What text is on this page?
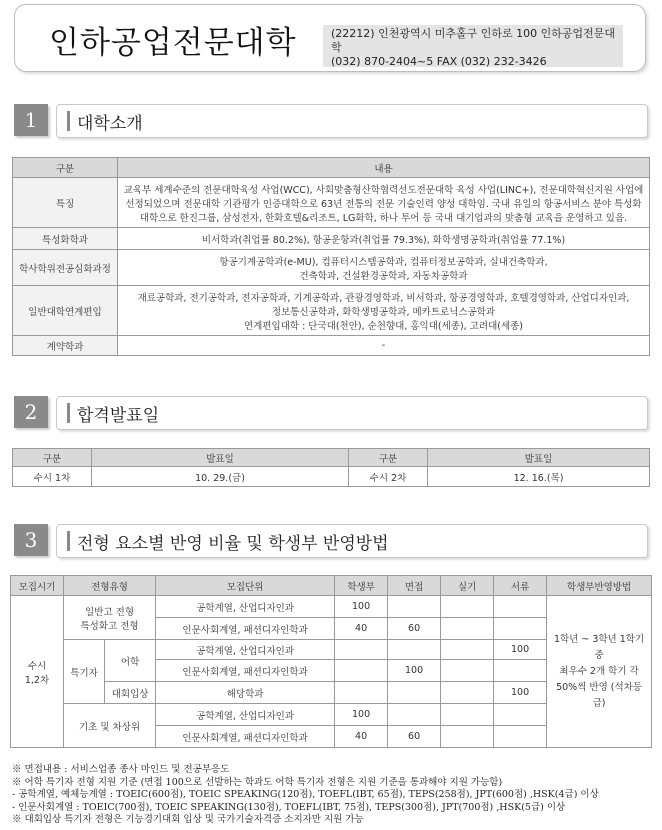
인하공업전문대학	(22212) 인천광역시 미추홀구 인하로 100 인하공업전문대학
(032) 870-2404~5 FAX (032) 232-3426
1	대학소개
구분	내용
특징	교육부 세계수준의 전문대학육성 사업(WCC), 사회맞춤형산학협력선도전문대학 육성 사업(LINC+), 전문대학혁신지원 사업에
선정되었으며 전문대학 기관평가 인증대학으로 63년 전통의 전문 기술인력 양성 대학임. 국내 유일의 항공서비스 분야 특성화
대학으로 한진그룹, 삼성전자, 한화호텔&리조트, LG화학, 하나 투어 등 국내 대기업과의 맞춤형 교육을 운영하고 있음.

특성화학과	비서학과(취업률 80.2%), 항공운항과(취업률 79.3%), 화학생명공학과(취업률 77.1%)
학사학위전공심화과정	항공기계공학과(e-MU), 컴퓨터시스템공학과, 컴퓨터정보공학과, 실내건축학과,
건축학과, 건설환경공학과, 자동차공학과

일반대학연계편입	재료공학과, 전기공학과, 전자공학과, 기계공학과, 관광경영학과, 비서학과, 항공경영학과, 호텔경영학과, 산업디자인과,
정보통신공학과, 화학생명공학과, 메카트로닉스공학과
연계편입대학 : 단국대(천안), 순천향대, 홍익대(세종), 고려대(세종)

계약학과	-
2	합격발표일
구분	발표일	구분	발표일
수시 1차	10. 29.(금)	수시 2차	12. 16.(목)
3	전형 요소별 반영 비율 및 학생부 반영방법
모집시기	전형유형		모집단위	학생부	면접	실기	서류	학생부반영방법
수시
1,2차	일반고 전형
특성화고 전형		공학계열, 산업디자인과	100				1학년 ~ 3학년 1학기 중
최우수 2개 학기 각
50%씩 반영 (석차등급)
			인문사회계열, 패션디자인학과	40	60			
	특기자	어학	공학계열, 산업디자인과				100	
			인문사회계열, 패션디자인학과		100			
		대회입상	해당학과				100	
	기초 및 차상위		공학계열, 산업디자인과	100				
			인문사회계열, 패션디자인학과	40	60			
※ 면접내용 : 서비스업종 종사 마인드 및 전공부응도
※ 어학 특기자 전형 지원 기준 (면접 100으로 선발하는 학과도 어학 특기자 전형은 지원 기준을 통과해야 지원 가능함)
- 공학계열, 예체능계열 : TOEIC(600점), TOEIC SPEAKING(120점), TOEFL(IBT, 65점), TEPS(258점), JPT(600점) ,HSK(4급) 이상
- 인문사회계열 : TOEIC(700점), TOEIC SPEAKING(130점), TOEFL(IBT, 75점), TEPS(300점), JPT(700점) ,HSK(5급) 이상
※ 대회입상 특기자 전형은 기능경기대회 입상 및 국가기술자격증 소지자만 지원 가능
